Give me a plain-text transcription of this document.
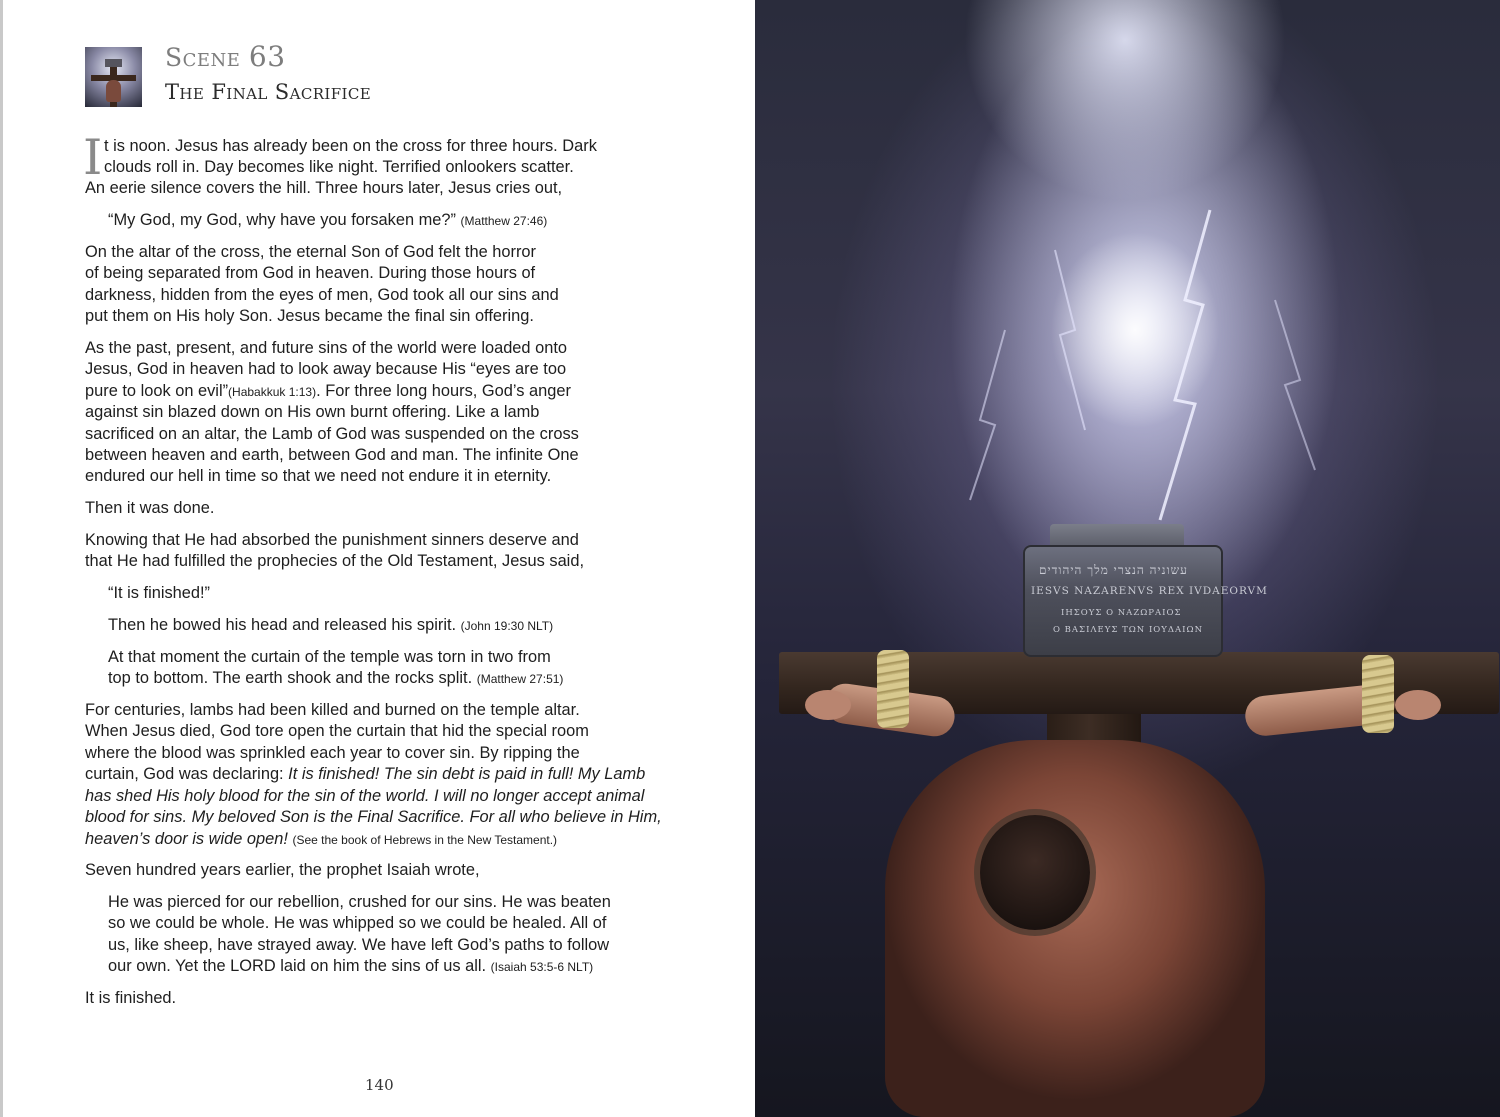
Scene 63
The Final Sacrifice
I t is noon. Jesus has already been on the cross for three hours. Dark

clouds roll in. Day becomes like night. Terrified onlookers scatter.

An eerie silence covers the hill. Three hours later, Jesus cries out,

“My God, my God, why have you forsaken me?” (Matthew 27:46)

On the altar of the cross, the eternal Son of God felt the horror

of being separated from God in heaven. During those hours of

darkness, hidden from the eyes of men, God took all our sins and

put them on His holy Son. Jesus became the final sin offering.

As the past, present, and future sins of the world were loaded onto

Jesus, God in heaven had to look away because His “eyes are too

pure to look on evil”(Habakkuk 1:13). For three long hours, God’s anger

against sin blazed down on His own burnt offering. Like a lamb

sacrificed on an altar, the Lamb of God was suspended on the cross

between heaven and earth, between God and man. The infinite One

endured our hell in time so that we need not endure it in eternity.

Then it was done.

Knowing that He had absorbed the punishment sinners deserve and

that He had fulfilled the prophecies of the Old Testament, Jesus said,

“It is finished!”

Then he bowed his head and released his spirit. (John 19:30 NLT)

At that moment the curtain of the temple was torn in two from

top to bottom. The earth shook and the rocks split. (Matthew 27:51)

For centuries, lambs had been killed and burned on the temple altar.

When Jesus died, God tore open the curtain that hid the special room

where the blood was sprinkled each year to cover sin. By ripping the

curtain, God was declaring: It is finished! The sin debt is paid in full! My Lamb

has shed His holy blood for the sin of the world. I will no longer accept animal

blood for sins. My beloved Son is the Final Sacrifice. For all who believe in Him,

heaven’s door is wide open! (See the book of Hebrews in the New Testament.)

Seven hundred years earlier, the prophet Isaiah wrote,

He was pierced for our rebellion, crushed for our sins. He was beaten

so we could be whole. He was whipped so we could be healed. All of

us, like sheep, have strayed away. We have left God’s paths to follow

our own. Yet the LORD laid on him the sins of us all. (Isaiah 53:5-6 NLT)

It is finished.

140
עשוניה הנצרי מלך היהודים
IESVS NAZARENVS REX IVDAEORVM
ΙΗΣΟΥΣ Ο ΝΑΖΩΡΑΙΟΣ
Ο ΒΑΣΙΛΕΥΣ ΤΩΝ ΙΟΥΔΑΙΩΝ
